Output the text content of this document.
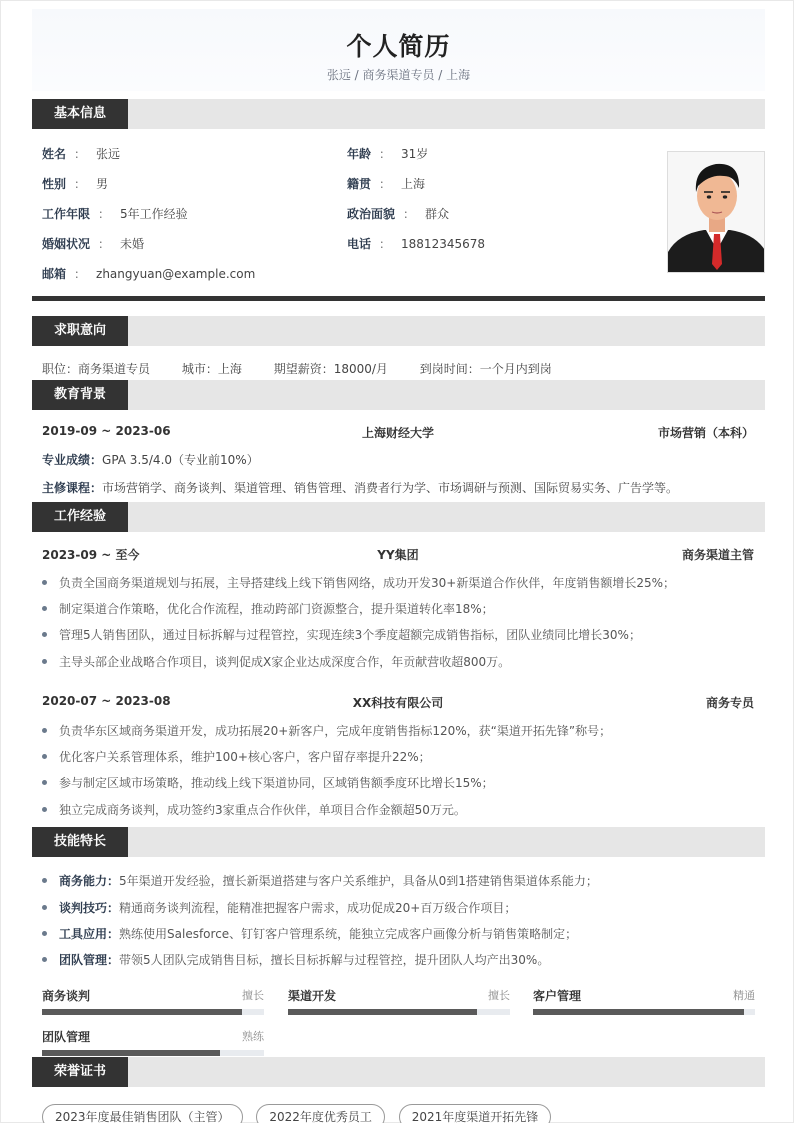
个人简历
张远 / 商务渠道专员 / 上海
基本信息
姓名 ： 张远
性别 ： 男
工作年限 ： 5年工作经验
婚姻状况 ： 未婚
邮箱 ： zhangyuan@example.com
年龄 ： 31岁
籍贯 ： 上海
政治面貌 ： 群众
电话 ： 18812345678
求职意向
职位：商务渠道专员	城市：上海	期望薪资：18000/月	到岗时间：一个月内到岗
教育背景
2019-09 ~ 2023-06	上海财经大学	市场营销（本科）
专业成绩：GPA 3.5/4.0（专业前10%）
主修课程：市场营销学、商务谈判、渠道管理、销售管理、消费者行为学、市场调研与预测、国际贸易实务、广告学等。
工作经验
2023-09 ~ 至今	YY集团	商务渠道主管
负责全国商务渠道规划与拓展，主导搭建线上线下销售网络，成功开发30+新渠道合作伙伴，年度销售额增长25%；
制定渠道合作策略，优化合作流程，推动跨部门资源整合，提升渠道转化率18%；
管理5人销售团队，通过目标拆解与过程管控，实现连续3个季度超额完成销售指标，团队业绩同比增长30%；
主导头部企业战略合作项目，谈判促成X家企业达成深度合作，年贡献营收超800万。
2020-07 ~ 2023-08	XX科技有限公司	商务专员
负责华东区域商务渠道开发，成功拓展20+新客户，完成年度销售指标120%，获“渠道开拓先锋”称号；
优化客户关系管理体系，维护100+核心客户，客户留存率提升22%；
参与制定区域市场策略，推动线上线下渠道协同，区域销售额季度环比增长15%；
独立完成商务谈判，成功签约3家重点合作伙伴，单项目合作金额超50万元。
技能特长
商务能力：5年渠道开发经验，擅长新渠道搭建与客户关系维护，具备从0到1搭建销售渠道体系能力；
谈判技巧：精通商务谈判流程，能精准把握客户需求，成功促成20+百万级合作项目；
工具应用：熟练使用Salesforce、钉钉客户管理系统，能独立完成客户画像分析与销售策略制定；
团队管理：带领5人团队完成销售目标，擅长目标拆解与过程管控，提升团队人均产出30%。
商务谈判	擅长 渠道开发	擅长 客户管理	精通
团队管理	熟练
荣誉证书
2023年度最佳销售团队（主管）	2022年度优秀员工	2021年度渠道开拓先锋
